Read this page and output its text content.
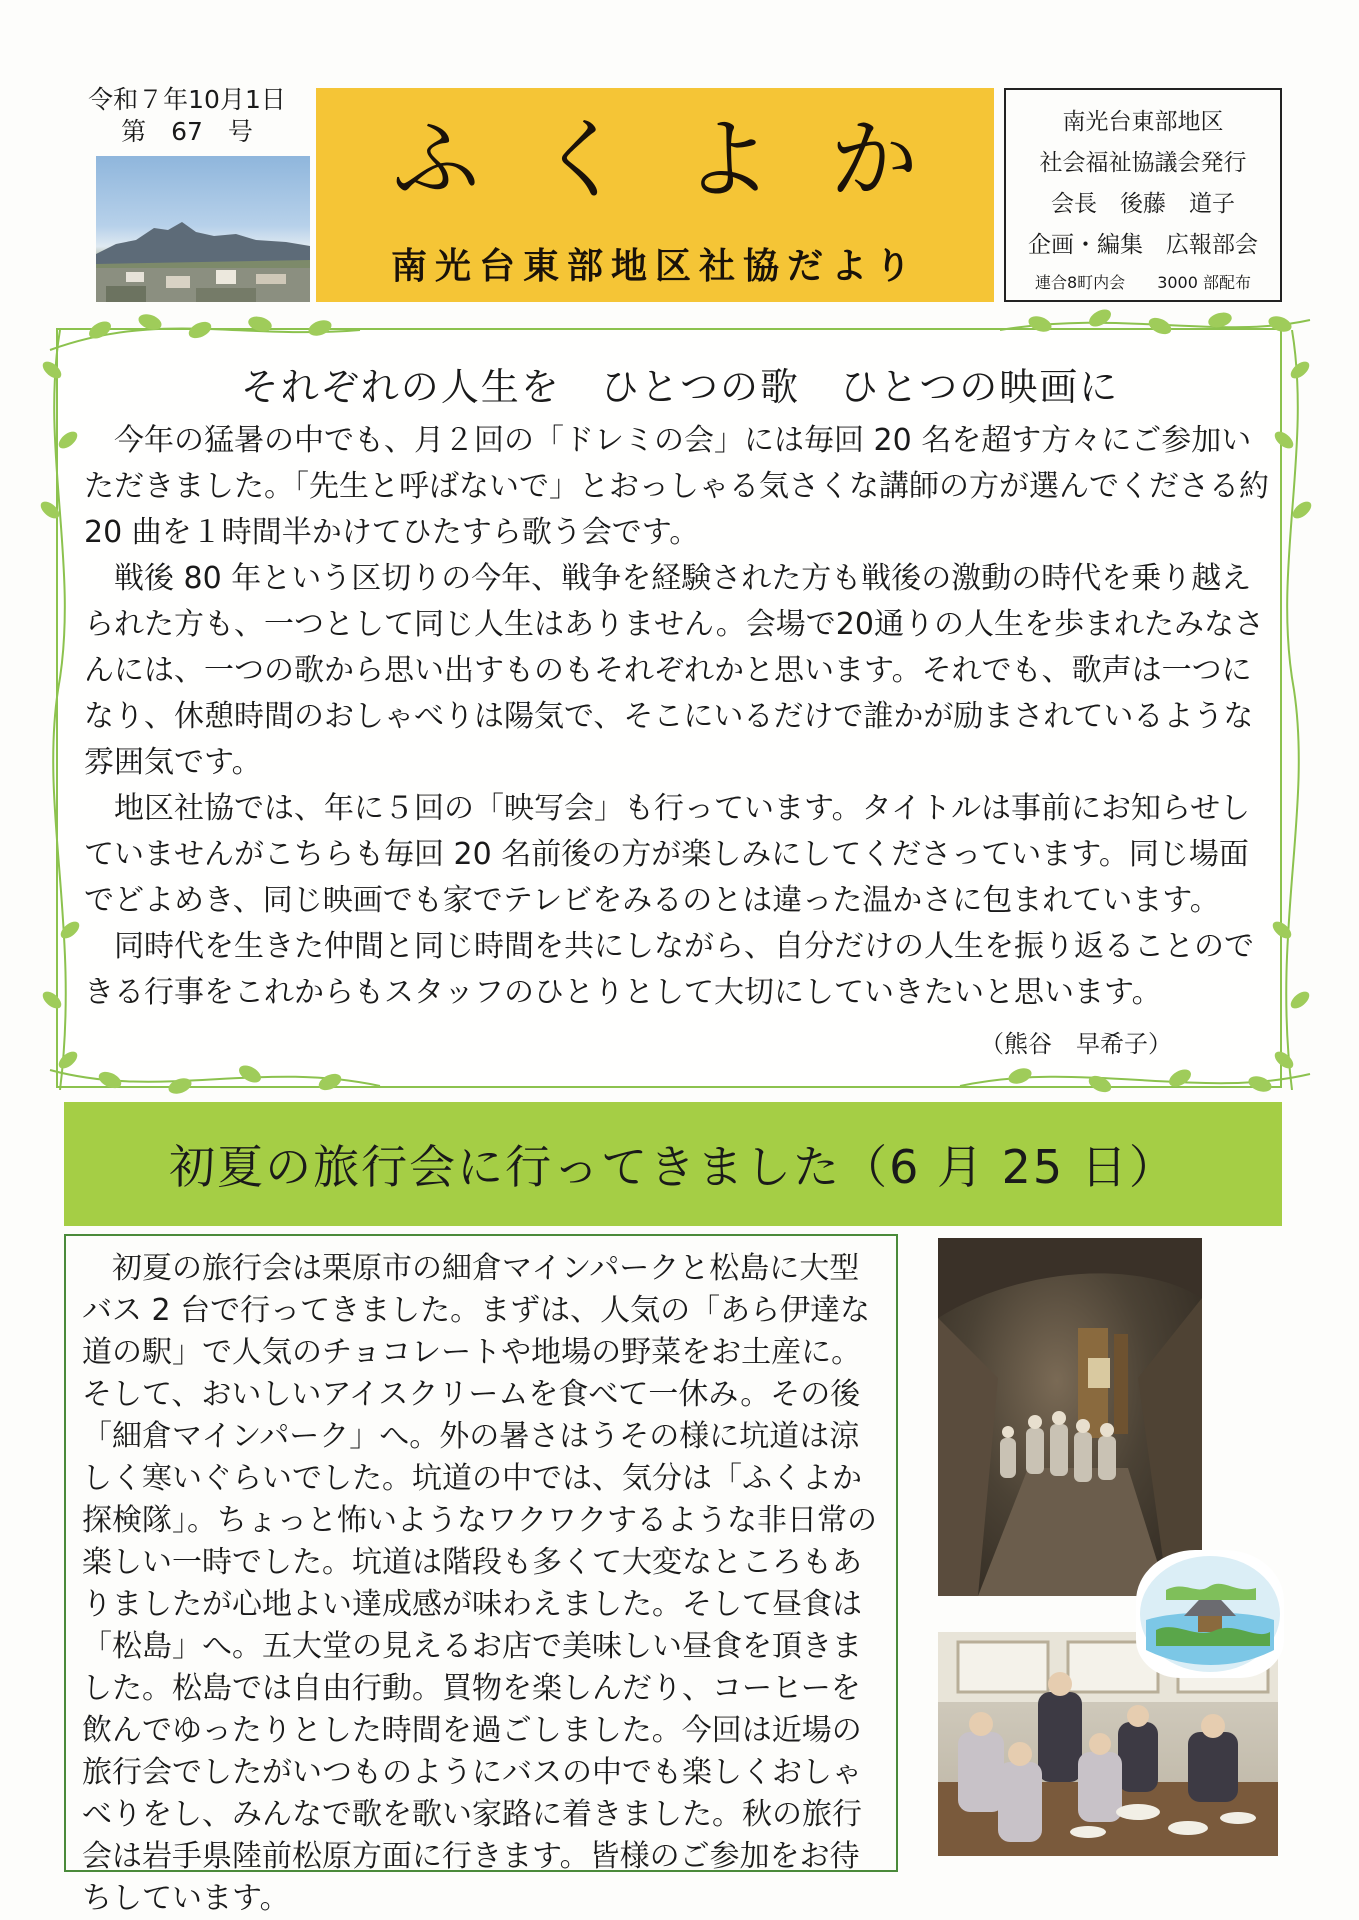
令和７年10月1日
第　67　号	ふくよか
南光台東部地区社協だより
南光台東部地区
社会福祉協議会発行
会長　後藤　道子
企画・編集　広報部会
連合8町内会 3000 部配布
それぞれの人生を　ひとつの歌　ひとつの映画に

今年の猛暑の中でも、月２回の「ドレミの会」には毎回 20 名を超す方々にご参加いただきました。「先生と呼ばないで」とおっしゃる気さくな講師の方が選んでくださる約 20 曲を１時間半かけてひたすら歌う会です。

戦後 80 年という区切りの今年、戦争を経験された方も戦後の激動の時代を乗り越えられた方も、一つとして同じ人生はありません。会場で20通りの人生を歩まれたみなさんには、一つの歌から思い出すものもそれぞれかと思います。それでも、歌声は一つになり、休憩時間のおしゃべりは陽気で、そこにいるだけで誰かが励まされているような雰囲気です。

地区社協では、年に５回の「映写会」も行っています。タイトルは事前にお知らせしていませんがこちらも毎回 20 名前後の方が楽しみにしてくださっています。同じ場面でどよめき、同じ映画でも家でテレビをみるのとは違った温かさに包まれています。

同時代を生きた仲間と同じ時間を共にしながら、自分だけの人生を振り返ることのできる行事をこれからもスタッフのひとりとして大切にしていきたいと思います。

（熊谷　早希子）
初夏の旅行会に行ってきました（6 月 25 日）

初夏の旅行会は栗原市の細倉マインパークと松島に大型バス 2 台で行ってきました。まずは、人気の「あら伊達な道の駅」で人気のチョコレートや地場の野菜をお土産に。そして、おいしいアイスクリームを食べて一休み。その後「細倉マインパーク」へ。外の暑さはうその様に坑道は涼しく寒いぐらいでした。坑道の中では、気分は「ふくよか探検隊」。ちょっと怖いようなワクワクするような非日常の楽しい一時でした。坑道は階段も多くて大変なところもありましたが心地よい達成感が味わえました。そして昼食は「松島」へ。五大堂の見えるお店で美味しい昼食を頂きました。松島では自由行動。買物を楽しんだり、コーヒーを飲んでゆったりとした時間を過ごしました。今回は近場の旅行会でしたがいつものようにバスの中でも楽しくおしゃべりをし、みんなで歌を歌い家路に着きました。秋の旅行会は岩手県陸前松原方面に行きます。皆様のご参加をお待ちしています。
